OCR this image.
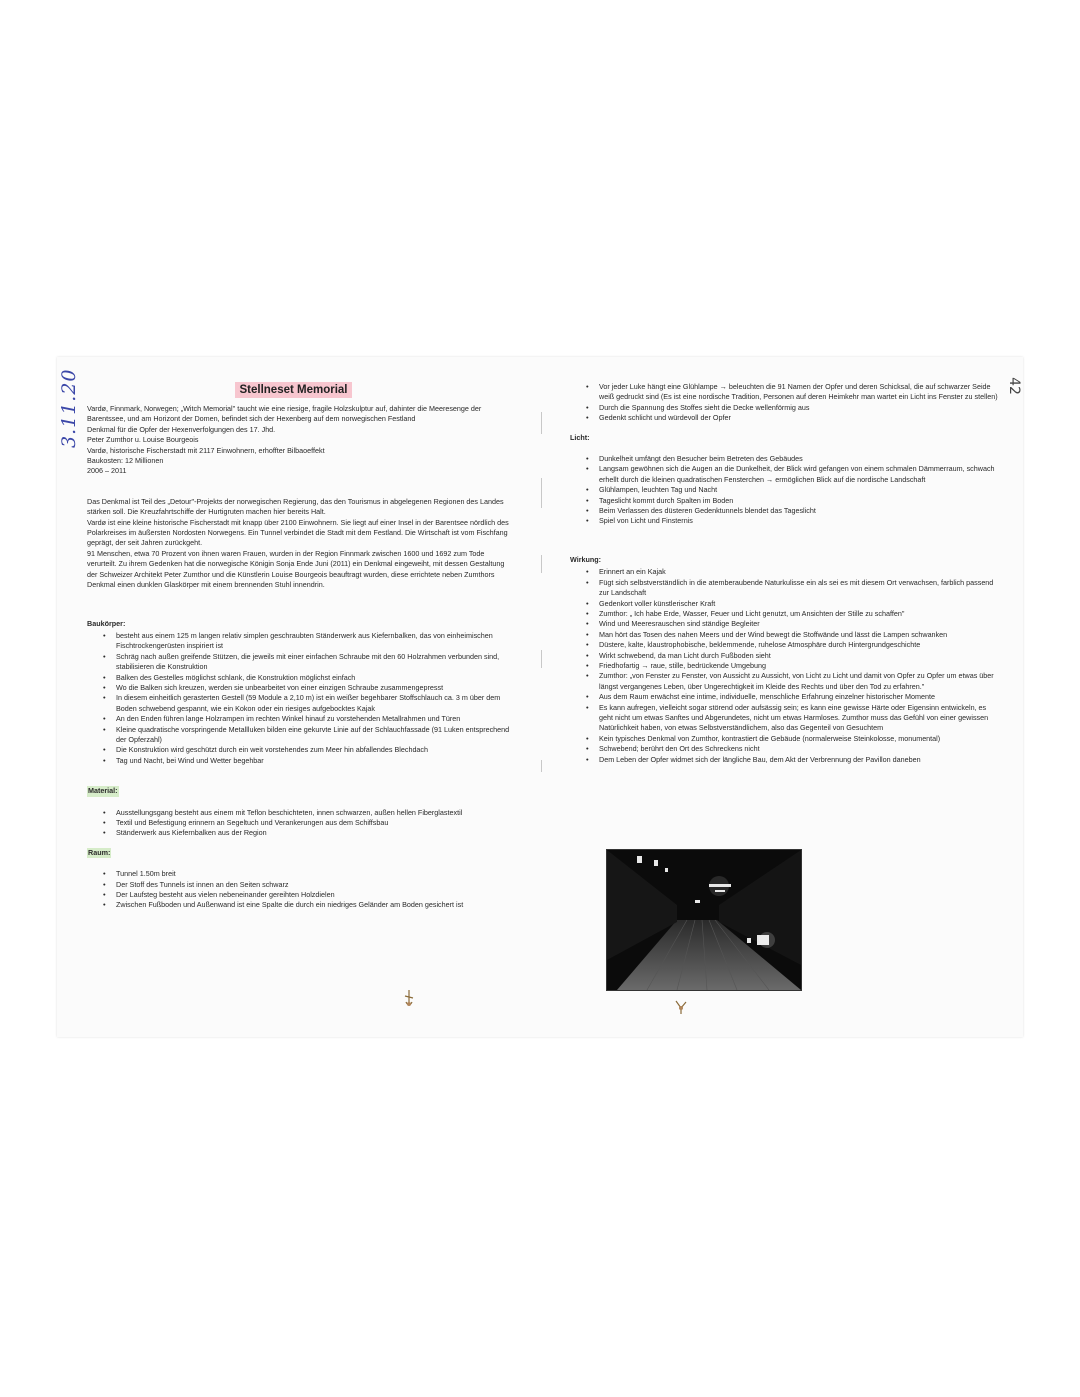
3.11.20	42
Stellneset Memorial

Vardø, Finnmark, Norwegen; „Witch Memorial" taucht wie eine riesige, fragile Holzskulptur auf, dahinter die Meeresenge der Barentssee, und am Horizont der Domen, befindet sich der Hexenberg auf dem norwegischen Festland

Denkmal für die Opfer der Hexenverfolgungen des 17. Jhd.

Peter Zumthor u. Louise Bourgeois

Vardø, historische Fischerstadt mit 2117 Einwohnern, erhoffter Bilbaoeffekt

Baukosten: 12 Millionen

2006 – 2011

Das Denkmal ist Teil des „Detour"-Projekts der norwegischen Regierung, das den Tourismus in abgelegenen Regionen des Landes stärken soll. Die Kreuzfahrtschiffe der Hurtigruten machen hier bereits Halt.

Vardø ist eine kleine historische Fischerstadt mit knapp über 2100 Einwohnern. Sie liegt auf einer Insel in der Barentsee nördlich des Polarkreises im äußersten Nordosten Norwegens. Ein Tunnel verbindet die Stadt mit dem Festland. Die Wirtschaft ist vom Fischfang geprägt, der seit Jahren zurückgeht.

91 Menschen, etwa 70 Prozent von ihnen waren Frauen, wurden in der Region Finnmark zwischen 1600 und 1692 zum Tode verurteilt. Zu ihrem Gedenken hat die norwegische Königin Sonja Ende Juni (2011) ein Denkmal eingeweiht, mit dessen Gestaltung der Schweizer Architekt Peter Zumthor und die Künstlerin Louise Bourgeois beauftragt wurden, diese errichtete neben Zumthors Denkmal einen dunklen Glaskörper mit einem brennenden Stuhl innendrin.

Baukörper:
• besteht aus einem 125 m langen relativ simplen geschraubten Ständerwerk aus Kiefernbalken, das von einheimischen Fischtrockengerüsten inspiriert ist
• Schräg nach außen greifende Stützen, die jeweils mit einer einfachen Schraube mit den 60 Holzrahmen verbunden sind, stabilisieren die Konstruktion
• Balken des Gestelles möglichst schlank, die Konstruktion möglichst einfach
• Wo die Balken sich kreuzen, werden sie unbearbeitet von einer einzigen Schraube zusammengepresst
• In diesem einheitlich gerasterten Gestell (59 Module a 2,10 m) ist ein weißer begehbarer Stoffschlauch ca. 3 m über dem Boden schwebend gespannt, wie ein Kokon oder ein riesiges aufgebocktes Kajak
• An den Enden führen lange Holzrampen im rechten Winkel hinauf zu vorstehenden Metallrahmen und Türen
• Kleine quadratische vorspringende Metallluken bilden eine gekurvte Linie auf der Schlauchfassade (91 Luken entsprechend der Opferzahl)
• Die Konstruktion wird geschützt durch ein weit vorstehendes zum Meer hin abfallendes Blechdach
• Tag und Nacht, bei Wind und Wetter begehbar
Material:
• Ausstellungsgang besteht aus einem mit Teflon beschichteten, innen schwarzen, außen hellen Fiberglastextil
• Textil und Befestigung erinnern an Segeltuch und Verankerungen aus dem Schiffsbau
• Ständerwerk aus Kiefernbalken aus der Region
Raum:
• Tunnel 1.50m breit
• Der Stoff des Tunnels ist innen an den Seiten schwarz
• Der Laufsteg besteht aus vielen nebeneinander gereihten Holzdielen
• Zwischen Fußboden und Außenwand ist eine Spalte die durch ein niedriges Geländer am Boden gesichert ist
• Vor jeder Luke hängt eine Glühlampe → beleuchten die 91 Namen der Opfer und deren Schicksal, die auf schwarzer Seide weiß gedruckt sind (Es ist eine nordische Tradition, Personen auf deren Heimkehr man wartet ein Licht ins Fenster zu stellen)
• Durch die Spannung des Stoffes sieht die Decke wellenförmig aus
• Gedenkt schlicht und würdevoll der Opfer
Licht:
• Dunkelheit umfängt den Besucher beim Betreten des Gebäudes
• Langsam gewöhnen sich die Augen an die Dunkelheit, der Blick wird gefangen von einem schmalen Dämmerraum, schwach erhellt durch die kleinen quadratischen Fensterchen → ermöglichen Blick auf die nordische Landschaft
• Glühlampen, leuchten Tag und Nacht
• Tageslicht kommt durch Spalten im Boden
• Beim Verlassen des düsteren Gedenktunnels blendet das Tageslicht
• Spiel von Licht und Finsternis
Wirkung:
• Erinnert an ein Kajak
• Fügt sich selbstverständlich in die atemberaubende Naturkulisse ein als sei es mit diesem Ort verwachsen, farblich passend zur Landschaft
• Gedenkort voller künstlerischer Kraft
• Zumthor: „ Ich habe Erde, Wasser, Feuer und Licht genutzt, um Ansichten der Stille zu schaffen"
• Wind und Meeresrauschen sind ständige Begleiter
• Man hört das Tosen des nahen Meers und der Wind bewegt die Stoffwände und lässt die Lampen schwanken
• Düstere, kalte, klaustrophobische, beklemmende, ruhelose Atmosphäre durch Hintergrundgeschichte
• Wirkt schwebend, da man Licht durch Fußboden sieht
• Friedhofartig → raue, stille, bedrückende Umgebung
• Zumthor: „von Fenster zu Fenster, von Aussicht zu Aussicht, von Licht zu Licht und damit von Opfer zu Opfer um etwas über längst vergangenes Leben, über Ungerechtigkeit im Kleide des Rechts und über den Tod zu erfahren."
• Aus dem Raum erwächst eine intime, individuelle, menschliche Erfahrung einzelner historischer Momente
• Es kann aufregen, vielleicht sogar störend oder aufsässig sein; es kann eine gewisse Härte oder Eigensinn entwickeln, es geht nicht um etwas Sanftes und Abgerundetes, nicht um etwas Harmloses. Zumthor muss das Gefühl von einer gewissen Natürlichkeit haben, von etwas Selbstverständlichem, also das Gegenteil von Gesuchtem
• Kein typisches Denkmal von Zumthor, kontrastiert die Gebäude (normalerweise Steinkolosse, monumental)
• Schwebend; berührt den Ort des Schreckens nicht
• Dem Leben der Opfer widmet sich der längliche Bau, dem Akt der Verbrennung der Pavillon daneben
